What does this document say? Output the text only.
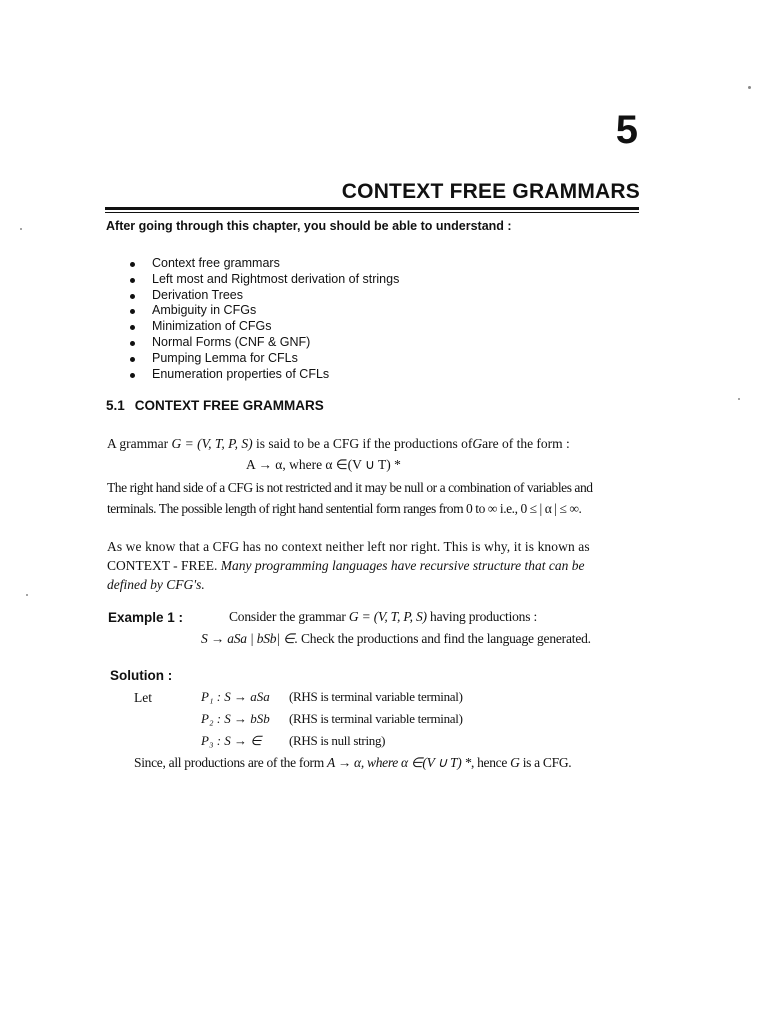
5
CONTEXT FREE GRAMMARS
After going through this chapter, you should be able to understand :
Context free grammars
Left most and Rightmost derivation of strings
Derivation Trees
Ambiguity in CFGs
Minimization of CFGs
Normal Forms (CNF & GNF)
Pumping Lemma for CFLs
Enumeration properties of CFLs
5.1 CONTEXT FREE GRAMMARS
A grammar G = (V, T, P, S) is said to be a CFG if the productions ofGare of the form :
A → α, where α ∈(V ∪ T) *
The right hand side of a CFG is not restricted and it may be null or a combination of variables and
terminals. The possible length of right hand sentential form ranges from 0 to ∞ i.e., 0 ≤ | α | ≤ ∞.
As we know that a CFG has no context neither left nor right. This is why, it is known as
CONTEXT - FREE. Many programming languages have recursive structure that can be
defined by CFG's.
Example 1 :	Consider the grammar G = (V, T, P, S) having productions :
S → aSa | bSb| ∈. Check the productions and find the language generated.
Solution :
Let	P₁ : S → aSa (RHS is terminal variable terminal)
P₂ : S → bSb (RHS is terminal variable terminal)
P₃ : S → ∈ (RHS is null string)
Since, all productions are of the form A → α, where α ∈(V ∪ T) *, hence G is a CFG.
